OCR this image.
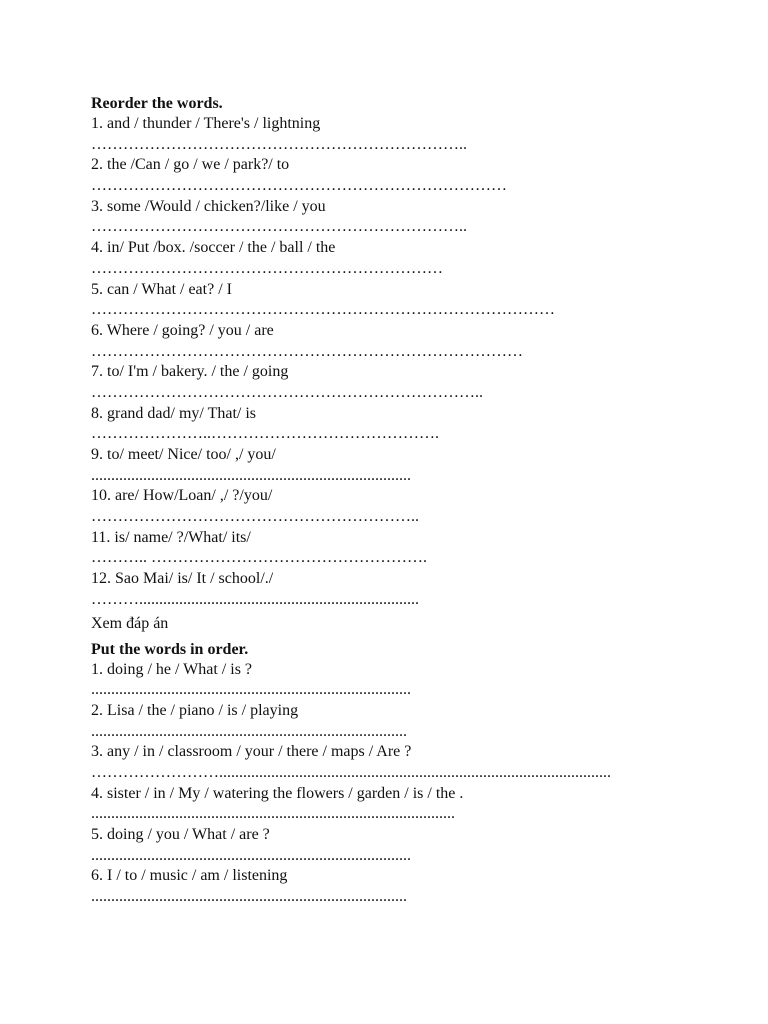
Reorder the words.
1. and / thunder / There's / lightning
……………………………………………………………..
2. the /Can / go / we / park?/ to
……………………………………………………………………
3. some /Would / chicken?/like / you
……………………………………………………………..
4. in/ Put /box. /soccer / the / ball / the
…………………………………………………………
5. can / What / eat? / I
……………………………………………………………………………
6. Where / going? / you / are
………………………………………………………………………
7. to/ I'm / bakery. / the / going
………………………………………………………………..
8. grand dad/ my/ That/ is
…………………..…………………………………….
9. to/ meet/ Nice/ too/ ,/ you/
................................................................................
10. are/ How/Loan/ ,/ ?/you/
……………………………………………………..
11. is/ name/ ?/What/ its/
……….. …………………………………………….
12. Sao Mai/ is/ It / school/./
………......................................................................
Xem đáp án
Put the words in order.
1. doing / he / What / is ?
................................................................................
2. Lisa / the / piano / is / playing
...............................................................................
3. any / in / classroom / your / there / maps / Are ?
……………………..................................................................................................
4. sister / in / My / watering the flowers / garden / is / the .
...........................................................................................
5. doing / you / What / are ?
................................................................................
6. I / to / music / am / listening
...............................................................................
